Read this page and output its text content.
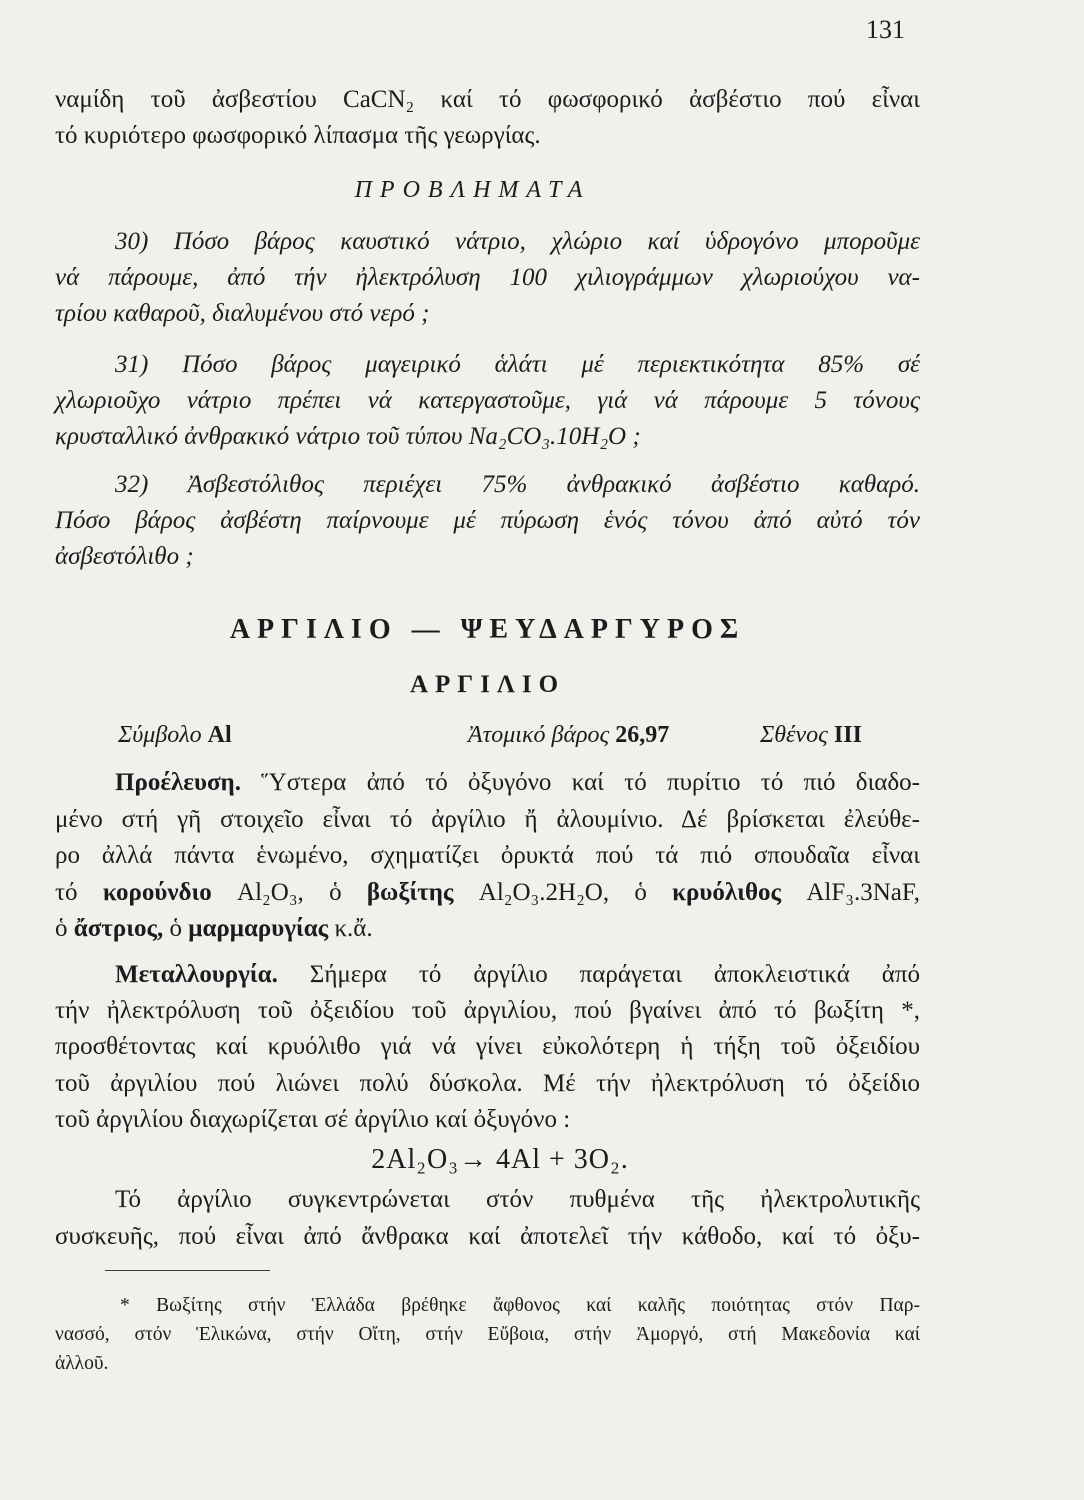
131
ναμίδη τοῦ ἀσβεστίου CaCN₂ καί τό φωσφορικό ἀσβέστιο πού εἶναι
τό κυριότερο φωσφορικό λίπασμα τῆς γεωργίας.
ΠΡΟΒΛΗΜΑΤΑ
30) Πόσο βάρος καυστικό νάτριο, χλώριο καί ὑδρογόνο μποροῦμε
νά πάρουμε, ἀπό τήν ἠλεκτρόλυση 100 χιλιογράμμων χλωριούχου να-
τρίου καθαροῦ, διαλυμένου στό νερό ;
31) Πόσο βάρος μαγειρικό ἁλάτι μέ περιεκτικότητα 85% σέ
χλωριοῦχο νάτριο πρέπει νά κατεργαστοῦμε, γιά νά πάρουμε 5 τόνους
κρυσταλλικό ἀνθρακικό νάτριο τοῦ τύπου Na₂CO₃.10H₂O ;
32) Ἀσβεστόλιθος περιέχει 75% ἀνθρακικό ἀσβέστιο καθαρό.
Πόσο βάρος ἀσβέστη παίρνουμε μέ πύρωση ἑνός τόνου ἀπό αὐτό τόν
ἀσβεστόλιθο ;
ΑΡΓΙΛΙΟ — ΨΕΥΔΑΡΓΥΡΟΣ
ΑΡΓΙΛΙΟ
Σύμβολο Al	Ἀτομικό βάρος 26,97	Σθένος III
Προέλευση. Ὕστερα ἀπό τό ὀξυγόνο καί τό πυρίτιο τό πιό διαδο-
μένο στή γῆ στοιχεῖο εἶναι τό ἀργίλιο ἤ ἀλουμίνιο. Δέ βρίσκεται ἐλεύθε-
ρο ἀλλά πάντα ἑνωμένο, σχηματίζει ὀρυκτά πού τά πιό σπουδαῖα εἶναι
τό κορούνδιο Al₂O₃, ὁ βωξίτης Al₂O₃.2H₂O, ὁ κρυόλιθος AlF₃.3NaF,
ὁ ἄστριος, ὁ μαρμαρυγίας κ.ἄ.
Μεταλλουργία. Σήμερα τό ἀργίλιο παράγεται ἀποκλειστικά ἀπό
τήν ἠλεκτρόλυση τοῦ ὀξειδίου τοῦ ἀργιλίου, πού βγαίνει ἀπό τό βωξίτη *,
προσθέτοντας καί κρυόλιθο γιά νά γίνει εὐκολότερη ἡ τήξη τοῦ ὀξειδίου
τοῦ ἀργιλίου πού λιώνει πολύ δύσκολα. Μέ τήν ἠλεκτρόλυση τό ὀξείδιο
τοῦ ἀργιλίου διαχωρίζεται σέ ἀργίλιο καί ὀξυγόνο :
2Al₂O₃→ 4Al + 3O₂.
Τό ἀργίλιο συγκεντρώνεται στόν πυθμένα τῆς ἠλεκτρολυτικῆς
συσκευῆς, πού εἶναι ἀπό ἄνθρακα καί ἀποτελεῖ τήν κάθοδο, καί τό ὀξυ-
* Βωξίτης στήν Ἑλλάδα βρέθηκε ἄφθονος καί καλῆς ποιότητας στόν Παρ-
νασσό, στόν Ἑλικώνα, στήν Οἴτη, στήν Εὔβοια, στήν Ἀμοργό, στή Μακεδονία καί
ἀλλοῦ.
